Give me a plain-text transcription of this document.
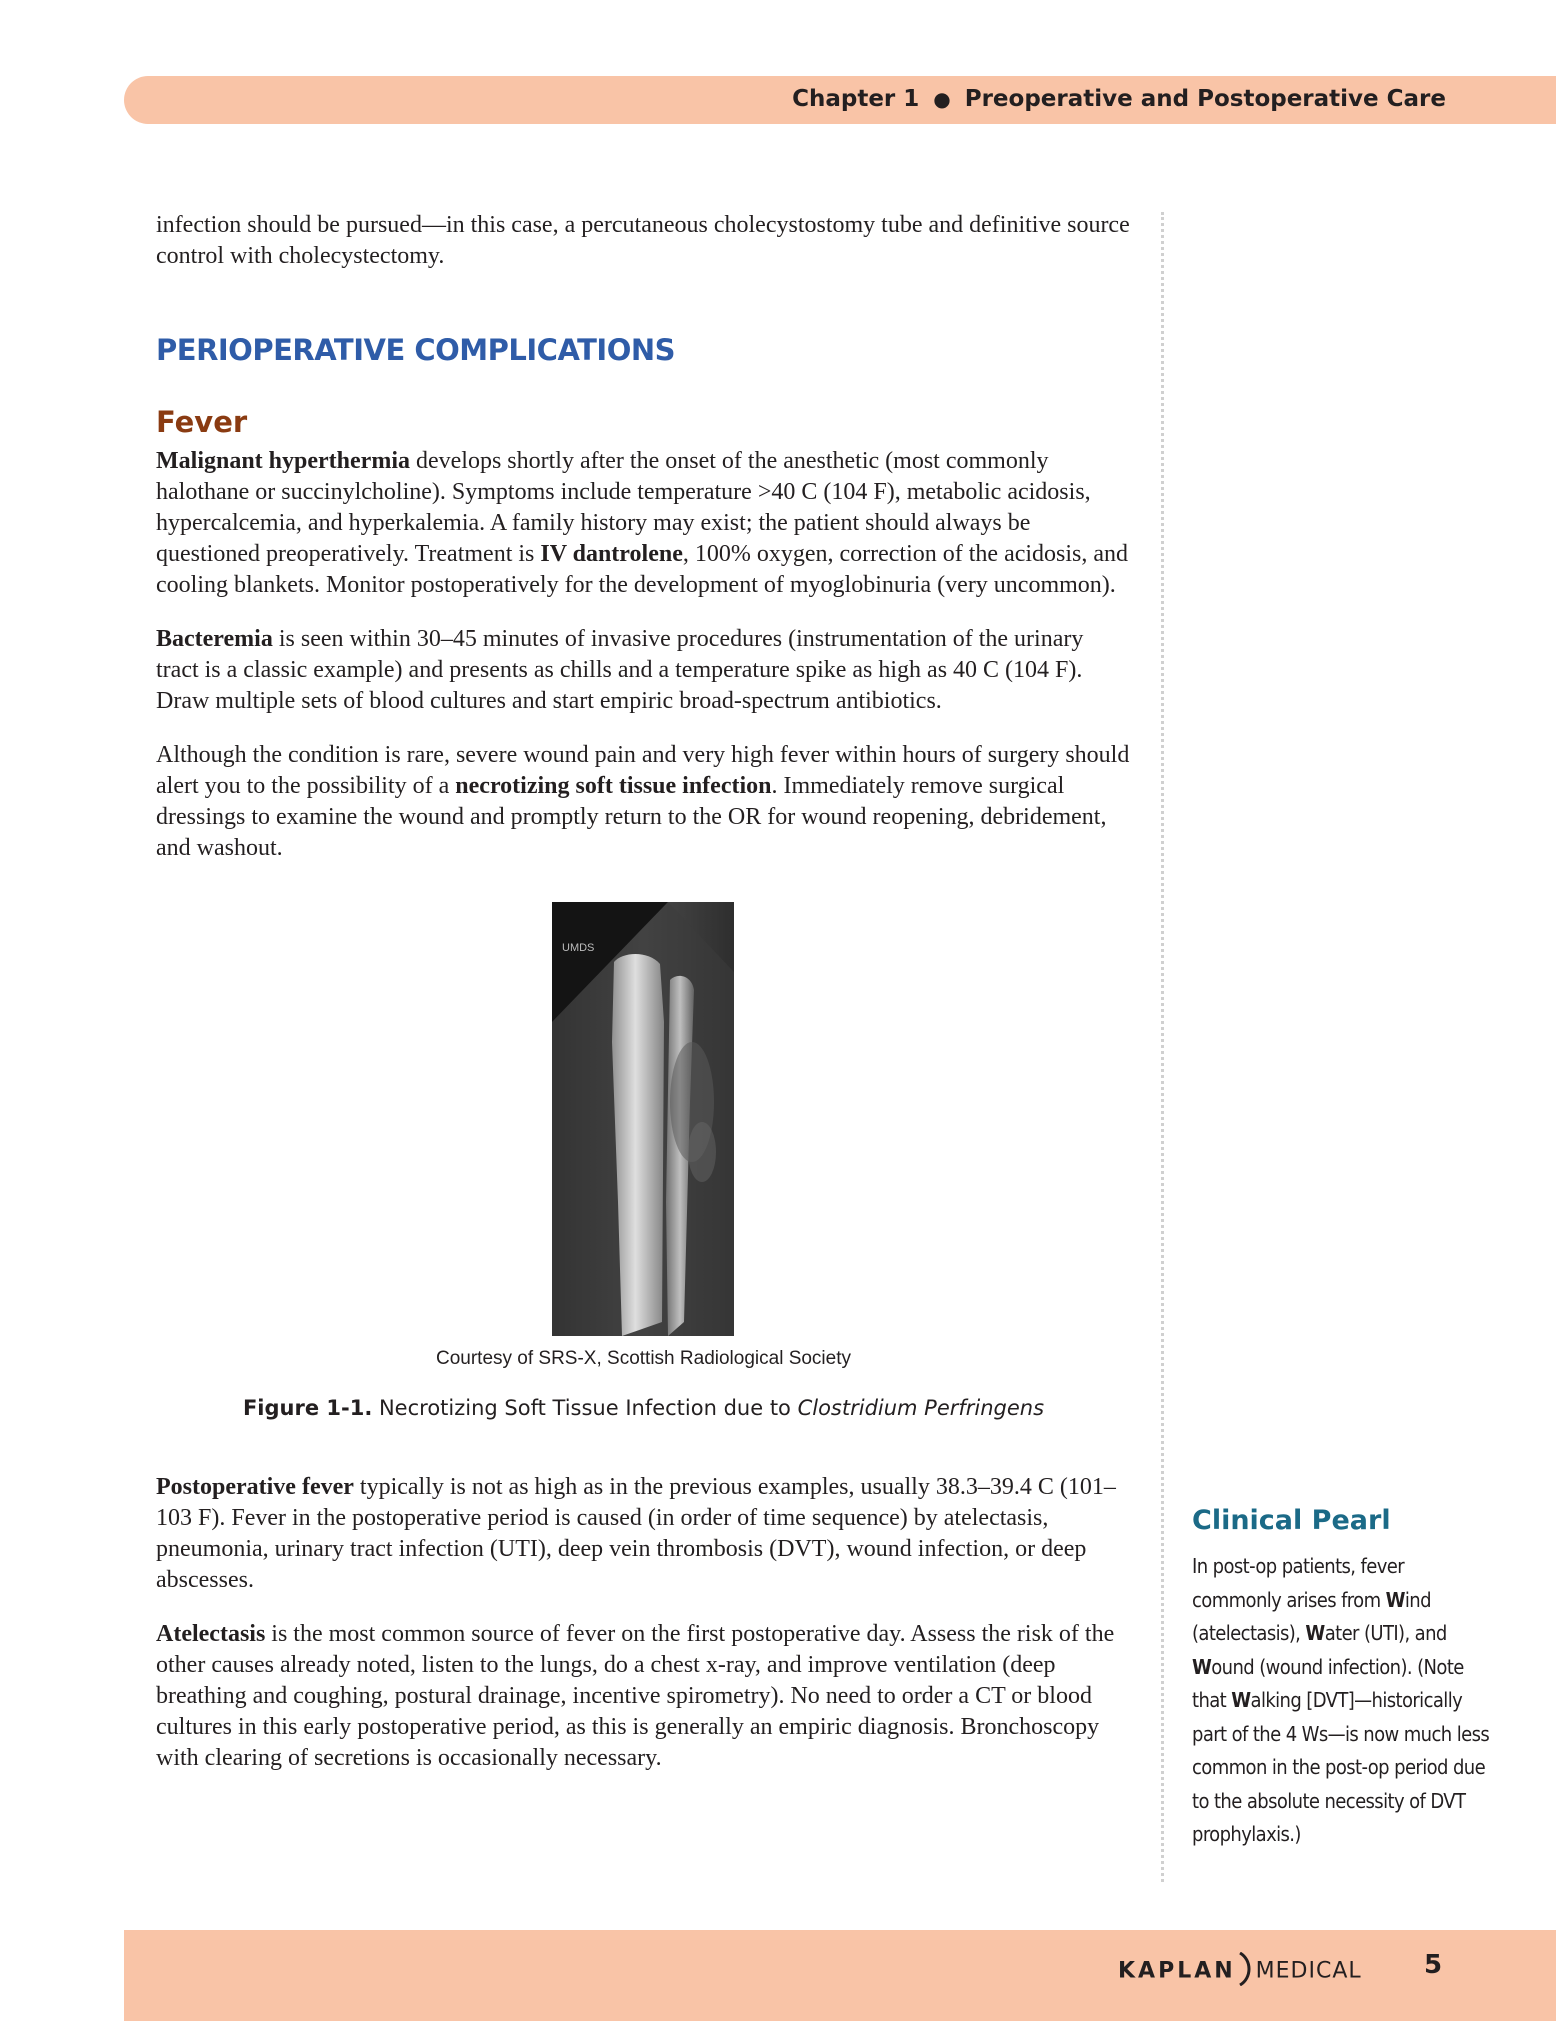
Chapter 1 ● Preoperative and Postoperative Care

infection should be pursued—in this case, a percutaneous cholecystostomy tube and definitive source control with cholecystectomy.

PERIOPERATIVE COMPLICATIONS
Fever

Malignant hyperthermia develops shortly after the onset of the anesthetic (most commonly halothane or succinylcholine). Symptoms include temperature >40 C (104 F), metabolic acidosis, hypercalcemia, and hyperkalemia. A family history may exist; the patient should always be questioned preoperatively. Treatment is IV dantrolene, 100% oxygen, correction of the acidosis, and cooling blankets. Monitor postoperatively for the development of myoglobinuria (very uncommon).

Bacteremia is seen within 30–45 minutes of invasive procedures (instrumentation of the urinary tract is a classic example) and presents as chills and a temperature spike as high as 40 C (104 F). Draw multiple sets of blood cultures and start empiric broad-spectrum antibiotics.

Although the condition is rare, severe wound pain and very high fever within hours of surgery should alert you to the possibility of a necrotizing soft tissue infection. Immediately remove surgical dressings to examine the wound and promptly return to the OR for wound reopening, debridement, and washout.

UMDS
Courtesy of SRS-X, Scottish Radiological Society
Figure 1-1. Necrotizing Soft Tissue Infection due to Clostridium Perfringens

Postoperative fever typically is not as high as in the previous examples, usually 38.3–39.4 C (101–103 F). Fever in the postoperative period is caused (in order of time sequence) by atelectasis, pneumonia, urinary tract infection (UTI), deep vein thrombosis (DVT), wound infection, or deep abscesses.

Atelectasis is the most common source of fever on the first postoperative day. Assess the risk of the other causes already noted, listen to the lungs, do a chest x-ray, and improve ventilation (deep breathing and coughing, postural drainage, incentive spirometry). No need to order a CT or blood cultures in this early postoperative period, as this is generally an empiric diagnosis. Bronchoscopy with clearing of secretions is occasionally necessary.

Clinical Pearl
In post-op patients, fever commonly arises from Wind (atelectasis), Water (UTI), and Wound (wound infection). (Note that Walking [DVT]—historically part of the 4 Ws—is now much less common in the post-op period due to the absolute necessity of DVT prophylaxis.)
KAPLAN MEDICAL 5
